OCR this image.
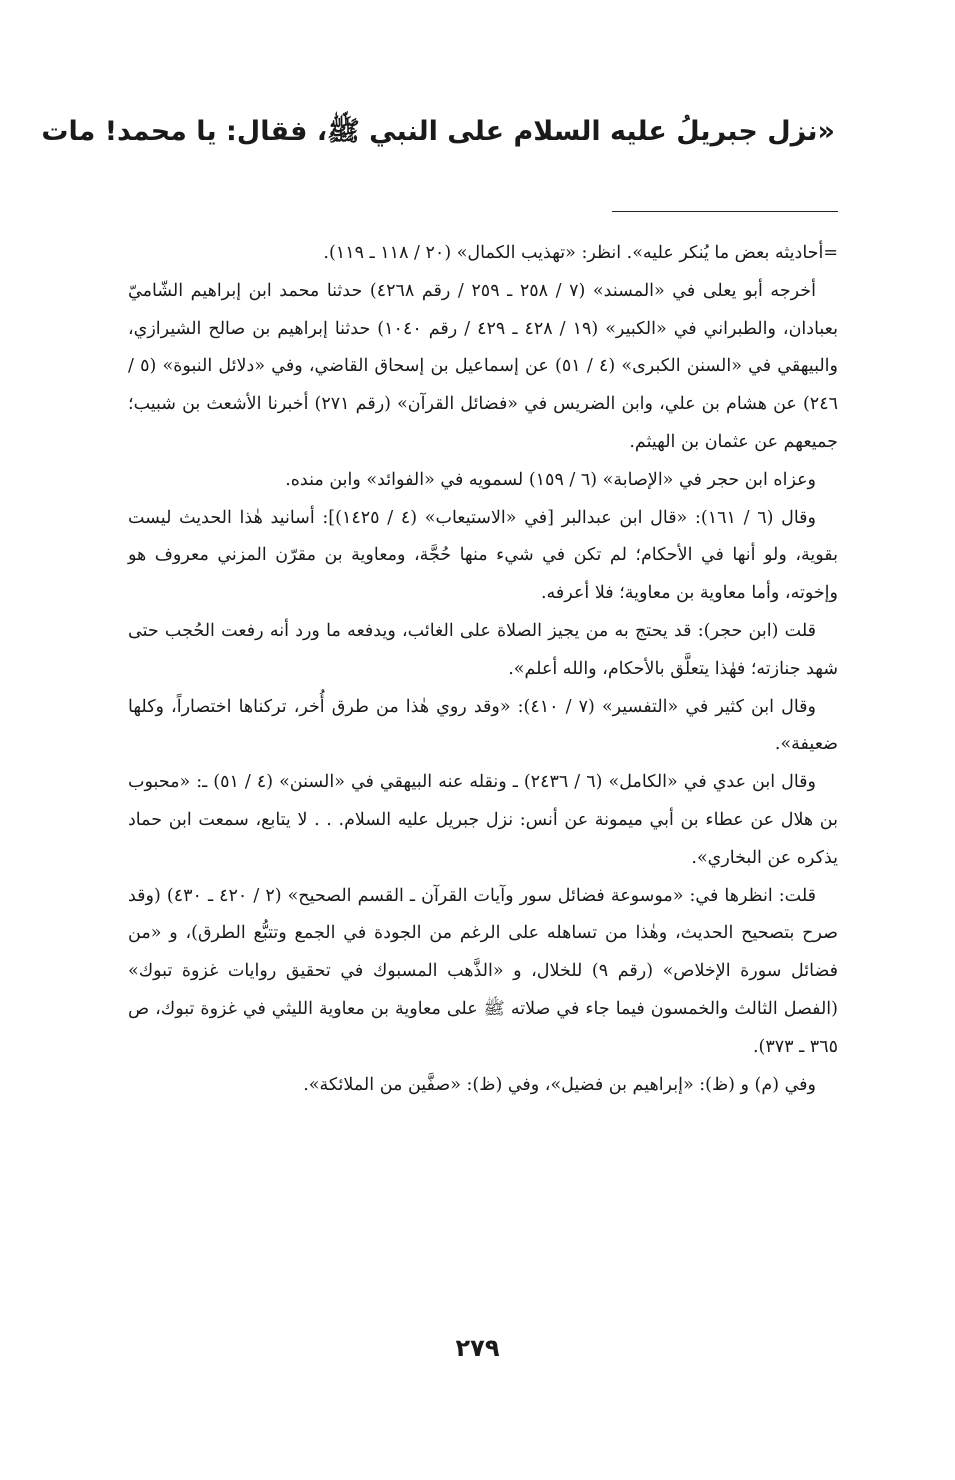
«نزل جبريلُ عليه السلام على النبي ﷺ، فقال: يا محمد! مات

=أحاديثه بعض ما يُنكر عليه». انظر: «تهذيب الكمال» (٢٠ / ١١٨ ـ ١١٩).

أخرجه أبو يعلى في «المسند» (٧ / ٢٥٨ ـ ٢٥٩ / رقم ٤٢٦٨) حدثنا محمد ابن إبراهيم الشّاميّ بعبادان، والطبراني في «الكبير» (١٩ / ٤٢٨ ـ ٤٢٩ / رقم ١٠٤٠) حدثنا إبراهيم بن صالح الشيرازي، والبيهقي في «السنن الكبرى» (٤ / ٥١) عن إسماعيل بن إسحاق القاضي، وفي «دلائل النبوة» (٥ / ٢٤٦) عن هشام بن علي، وابن الضريس في «فضائل القرآن» (رقم ٢٧١) أخبرنا الأشعث بن شبيب؛ جميعهم عن عثمان بن الهيثم.

وعزاه ابن حجر في «الإصابة» (٦ / ١٥٩) لسمويه في «الفوائد» وابن منده.

وقال (٦ / ١٦١): «قال ابن عبدالبر [في «الاستيعاب» (٤ / ١٤٢٥)]: أسانيد هٰذا الحديث ليست بقوية، ولو أنها في الأحكام؛ لم تكن في شيء منها حُجَّة، ومعاوية بن مقرّن المزني معروف هو وإخوته، وأما معاوية بن معاوية؛ فلا أعرفه.

قلت (ابن حجر): قد يحتج به من يجيز الصلاة على الغائب، ويدفعه ما ورد أنه رفعت الحُجب حتى شهد جنازته؛ فهٰذا يتعلَّق بالأحكام، والله أعلم».

وقال ابن كثير في «التفسير» (٧ / ٤١٠): «وقد روي هٰذا من طرق أُخر، تركناها اختصاراً، وكلها ضعيفة».

وقال ابن عدي في «الكامل» (٦ / ٢٤٣٦) ـ ونقله عنه البيهقي في «السنن» (٤ / ٥١) ـ: «محبوب بن هلال عن عطاء بن أبي ميمونة عن أنس: نزل جبريل عليه السلام. . . لا يتابع، سمعت ابن حماد يذكره عن البخاري».

قلت: انظرها في: «موسوعة فضائل سور وآيات القرآن ـ القسم الصحيح» (٢ / ٤٢٠ ـ ٤٣٠) (وقد صرح بتصحيح الحديث، وهٰذا من تساهله على الرغم من الجودة في الجمع وتتبُّع الطرق)، و «من فضائل سورة الإخلاص» (رقم ٩) للخلال، و «الذَّهب المسبوك في تحقيق روايات غزوة تبوك» (الفصل الثالث والخمسون فيما جاء في صلاته ﷺ على معاوية بن معاوية الليثي في غزوة تبوك، ص ٣٦٥ ـ ٣٧٣).

وفي (م) و (ظ): «إبراهيم بن فضيل»، وفي (ظ): «صفَّين من الملائكة».

٢٧٩
